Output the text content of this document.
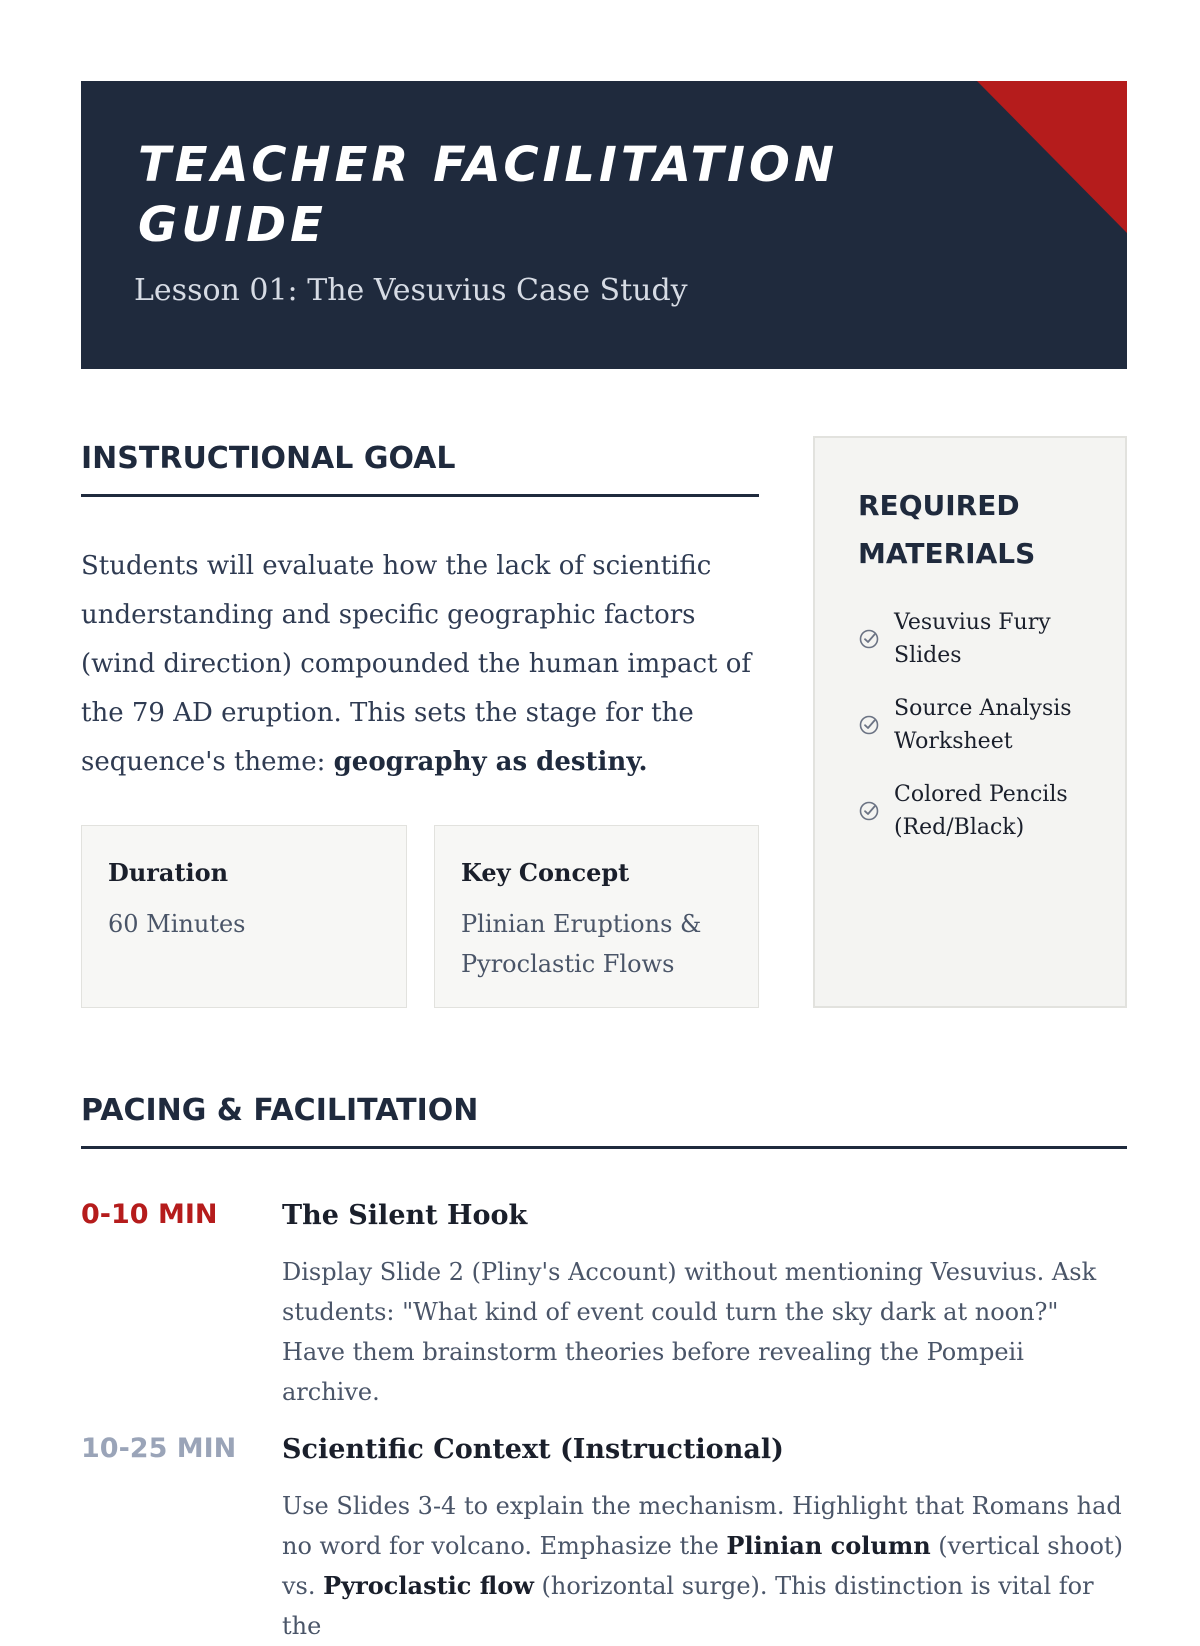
TEACHER FACILITATION GUIDE
Lesson 01: The Vesuvius Case Study
INSTRUCTIONAL GOAL

Students will evaluate how the lack of scientific understanding and specific geographic factors (wind direction) compounded the human impact of the 79 AD eruption. This sets the stage for the sequence's theme: geography as destiny.

Duration
60 Minutes
Key Concept
Plinian Eruptions & Pyroclastic Flows
REQUIRED MATERIALS
Vesuvius Fury Slides
Source Analysis Worksheet
Colored Pencils (Red/Black)
PACING & FACILITATION
0-10 MIN	The Silent Hook

Display Slide 2 (Pliny's Account) without mentioning Vesuvius. Ask students: "What kind of event could turn the sky dark at noon?" Have them brainstorm theories before revealing the Pompeii archive.

10-25 MIN	Scientific Context (Instructional)

Use Slides 3-4 to explain the mechanism. Highlight that Romans had no word for volcano. Emphasize the Plinian column (vertical shoot) vs. Pyroclastic flow (horizontal surge). This distinction is vital for the
